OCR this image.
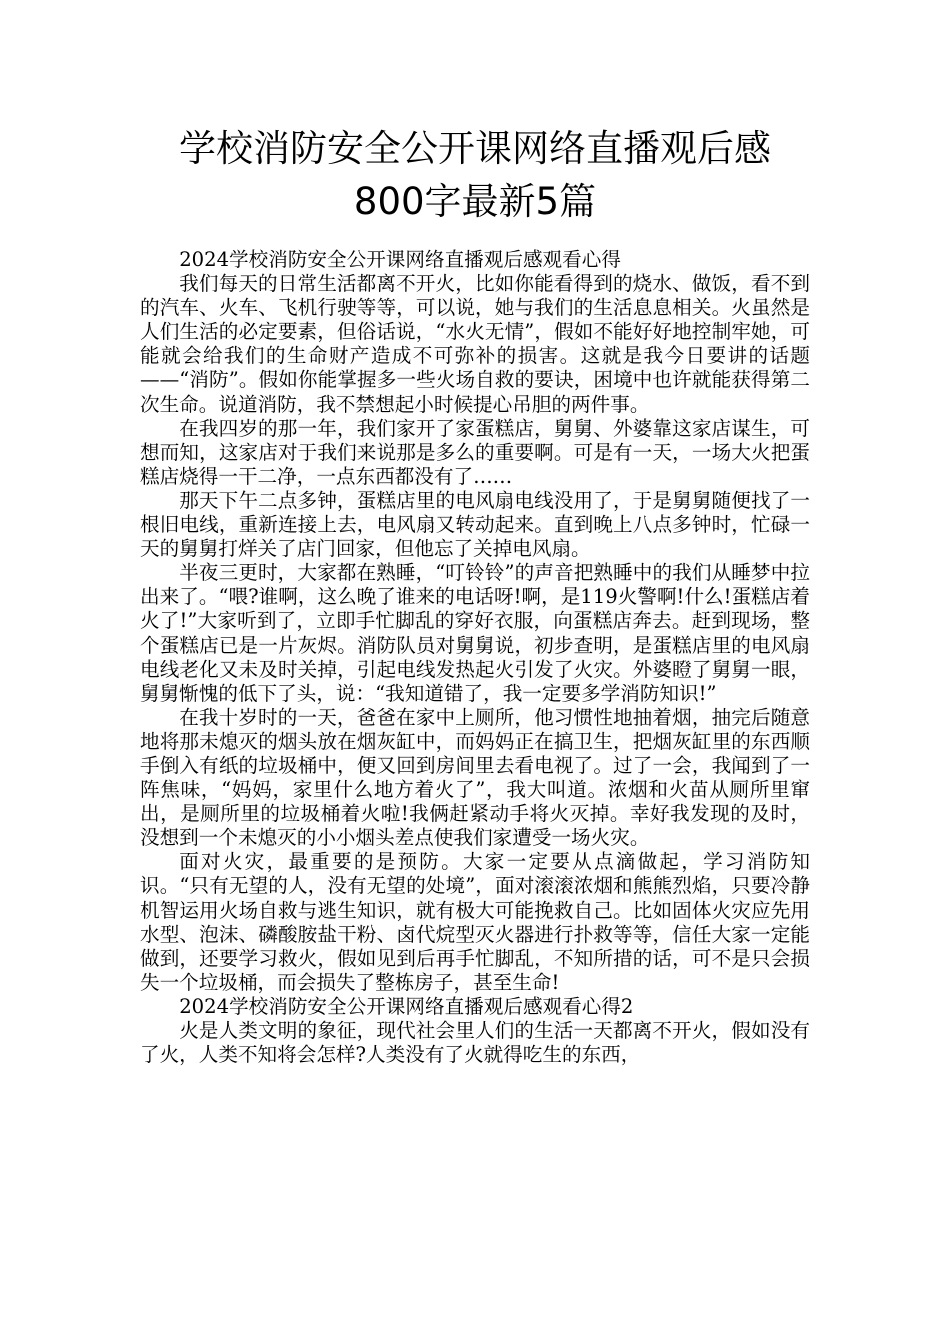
学校消防安全公开课网络直播观后感
800字最新5篇

2024学校消防安全公开课网络直播观后感观看心得

我们每天的日常生活都离不开火，比如你能看得到的烧水、做饭，看不到的汽车、火车、飞机行驶等等，可以说，她与我们的生活息息相关。火虽然是人们生活的必定要素，但俗话说，“水火无情”，假如不能好好地控制牢她，可能就会给我们的生命财产造成不可弥补的损害。这就是我今日要讲的话题——“消防”。假如你能掌握多一些火场自救的要诀，困境中也许就能获得第二次生命。说道消防，我不禁想起小时候提心吊胆的两件事。

在我四岁的那一年，我们家开了家蛋糕店，舅舅、外婆靠这家店谋生，可想而知，这家店对于我们来说那是多么的重要啊。可是有一天，一场大火把蛋糕店烧得一干二净，一点东西都没有了……

那天下午二点多钟，蛋糕店里的电风扇电线没用了，于是舅舅随便找了一根旧电线，重新连接上去，电风扇又转动起来。直到晚上八点多钟时，忙碌一天的舅舅打烊关了店门回家，但他忘了关掉电风扇。

半夜三更时，大家都在熟睡，“叮铃铃”的声音把熟睡中的我们从睡梦中拉出来了。“喂?谁啊，这么晚了谁来的电话呀!啊，是119火警啊!什么!蛋糕店着火了!”大家听到了，立即手忙脚乱的穿好衣服，向蛋糕店奔去。赶到现场，整个蛋糕店已是一片灰烬。消防队员对舅舅说，初步查明，是蛋糕店里的电风扇电线老化又未及时关掉，引起电线发热起火引发了火灾。外婆瞪了舅舅一眼，舅舅惭愧的低下了头，说：“我知道错了，我一定要多学消防知识!”

在我十岁时的一天，爸爸在家中上厕所，他习惯性地抽着烟，抽完后随意地将那未熄灭的烟头放在烟灰缸中，而妈妈正在搞卫生，把烟灰缸里的东西顺手倒入有纸的垃圾桶中，便又回到房间里去看电视了。过了一会，我闻到了一阵焦味，“妈妈，家里什么地方着火了”，我大叫道。浓烟和火苗从厕所里窜出，是厕所里的垃圾桶着火啦!我俩赶紧动手将火灭掉。幸好我发现的及时，没想到一个未熄灭的小小烟头差点使我们家遭受一场火灾。

面对火灾，最重要的是预防。大家一定要从点滴做起，学习消防知识。“只有无望的人，没有无望的处境”，面对滚滚浓烟和熊熊烈焰，只要冷静机智运用火场自救与逃生知识，就有极大可能挽救自己。比如固体火灾应先用水型、泡沫、磷酸胺盐干粉、卤代烷型灭火器进行扑救等等，信任大家一定能做到，还要学习救火，假如见到后再手忙脚乱，不知所措的话，可不是只会损失一个垃圾桶，而会损失了整栋房子，甚至生命!

2024学校消防安全公开课网络直播观后感观看心得2

火是人类文明的象征，现代社会里人们的生活一天都离不开火，假如没有了火，人类不知将会怎样?人类没有了火就得吃生的东西，
